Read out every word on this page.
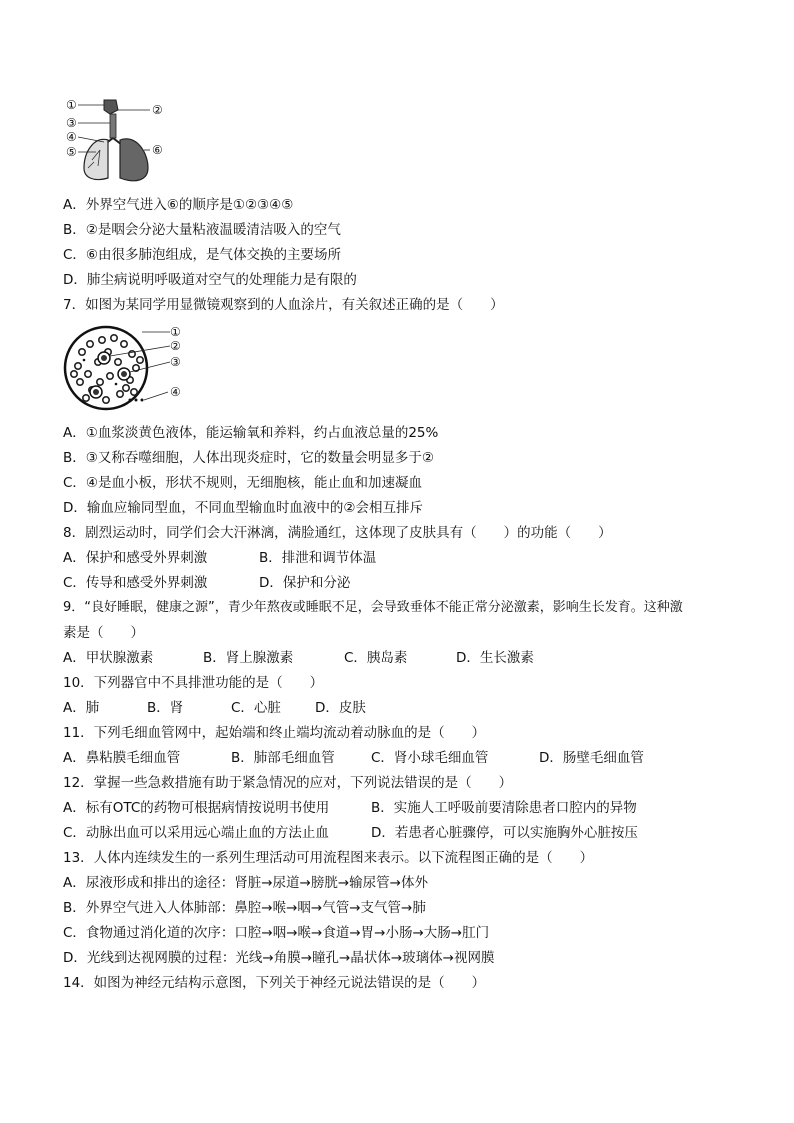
①	②
③
④
⑤	⑥
A．外界空气进入⑥的顺序是①②③④⑤
B．②是咽会分泌大量粘液温暖清洁吸入的空气
C．⑥由很多肺泡组成，是气体交换的主要场所
D．肺尘病说明呼吸道对空气的处理能力是有限的
7．如图为某同学用显微镜观察到的人血涂片，有关叙述正确的是（　　）
①
②
③
④
A．①血浆淡黄色液体，能运输氧和养料，约占血液总量的25%
B．③又称吞噬细胞，人体出现炎症时，它的数量会明显多于②
C．④是血小板，形状不规则，无细胞核，能止血和加速凝血
D．输血应输同型血，不同血型输血时血液中的②会相互排斥
8．剧烈运动时，同学们会大汗淋漓，满脸通红，这体现了皮肤具有（　　）的功能（　　）
A．保护和感受外界刺激	B．排泄和调节体温
C．传导和感受外界刺激	D．保护和分泌
9．“良好睡眠，健康之源”，青少年熬夜或睡眠不足，会导致垂体不能正常分泌激素，影响生长发育。这种激
素是（　　）
A．甲状腺激素	B．肾上腺激素	C．胰岛素	D．生长激素
10．下列器官中不具排泄功能的是（　　）
A．肺	B．肾	C．心脏	D．皮肤
11．下列毛细血管网中，起始端和终止端均流动着动脉血的是（　　）
A．鼻粘膜毛细血管	B．肺部毛细血管	C．肾小球毛细血管	D．肠壁毛细血管
12．掌握一些急救措施有助于紧急情况的应对，下列说法错误的是（　　）
A．标有OTC的药物可根据病情按说明书使用	B．实施人工呼吸前要清除患者口腔内的异物
C．动脉出血可以采用远心端止血的方法止血	D．若患者心脏骤停，可以实施胸外心脏按压
13．人体内连续发生的一系列生理活动可用流程图来表示。以下流程图正确的是（　　）
A．尿液形成和排出的途径：肾脏→尿道→膀胱→输尿管→体外
B．外界空气进入人体肺部：鼻腔→喉→咽→气管→支气管→肺
C．食物通过消化道的次序：口腔→咽→喉→食道→胃→小肠→大肠→肛门
D．光线到达视网膜的过程：光线→角膜→瞳孔→晶状体→玻璃体→视网膜
14．如图为神经元结构示意图，下列关于神经元说法错误的是（　　）
